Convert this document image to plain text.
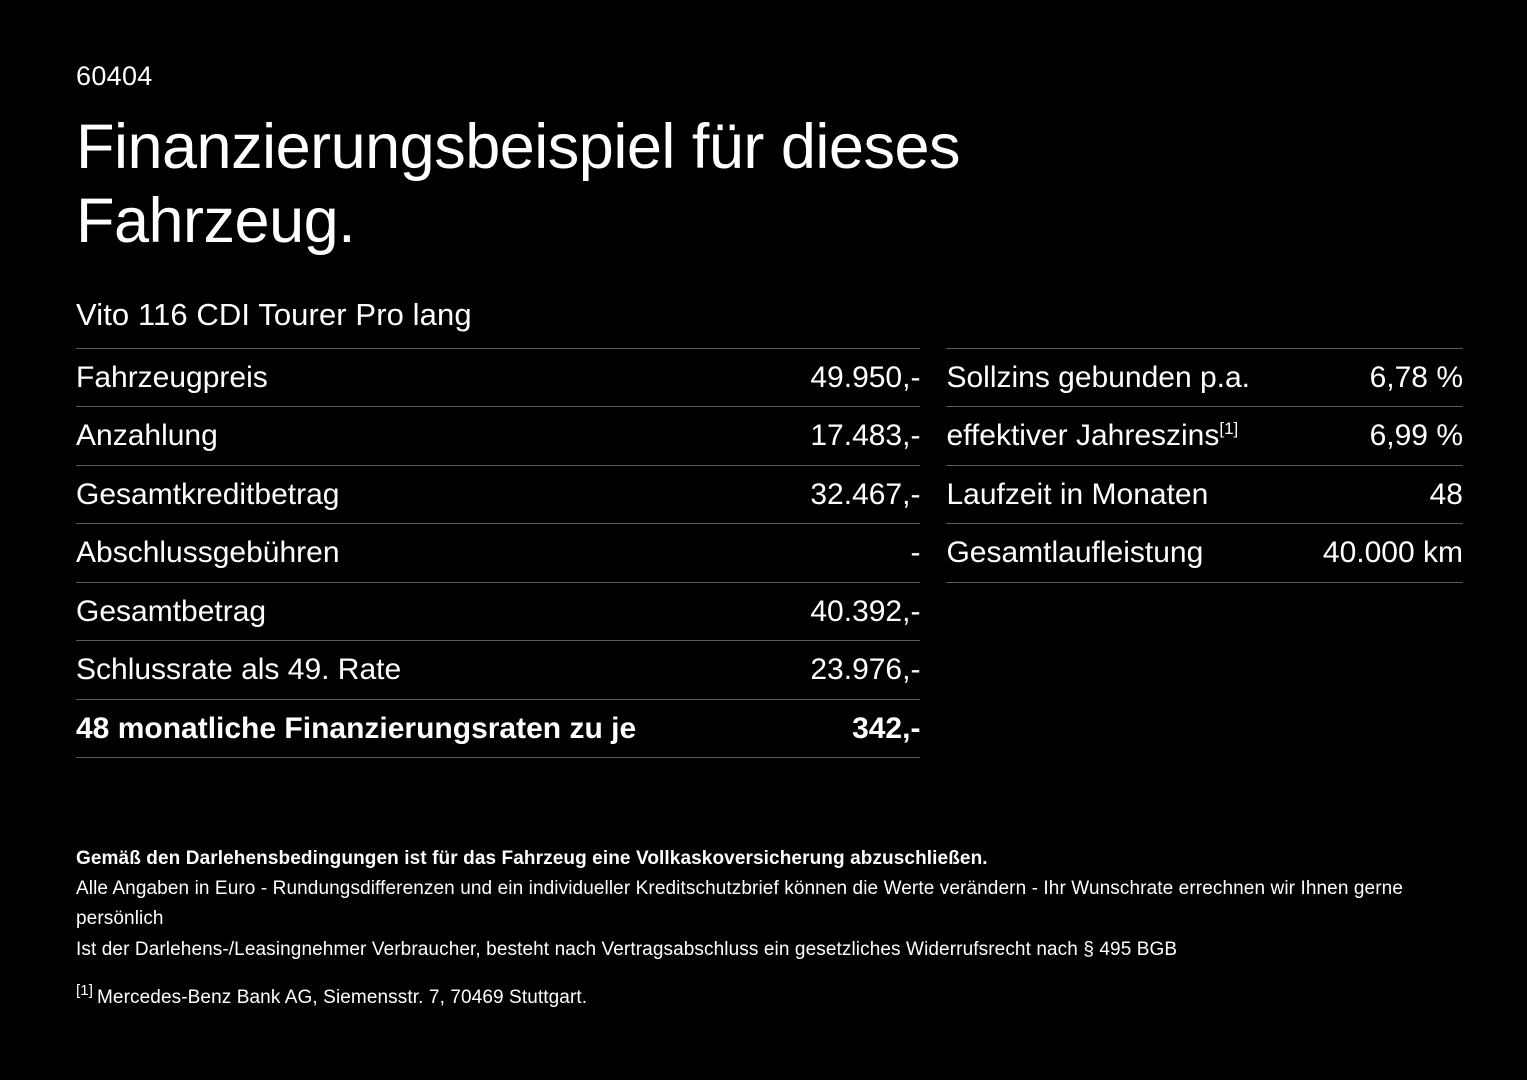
60404
Finanzierungsbeispiel für dieses Fahrzeug.
Vito 116 CDI Tourer Pro lang
Fahrzeugpreis	49.950,-
Anzahlung	17.483,-
Gesamtkreditbetrag	32.467,-
Abschlussgebühren	-
Gesamtbetrag	40.392,-
Schlussrate als 49. Rate	23.976,-
48 monatliche Finanzierungsraten zu je	342,-
Sollzins gebunden p.a.	6,78 %
effektiver Jahreszins[1]	6,99 %
Laufzeit in Monaten	48
Gesamtlaufleistung	40.000 km
Gemäß den Darlehensbedingungen ist für das Fahrzeug eine Vollkaskoversicherung abzuschließen.
Alle Angaben in Euro - Rundungsdifferenzen und ein individueller Kreditschutzbrief können die Werte verändern - Ihr Wunschrate errechnen wir Ihnen gerne persönlich
Ist der Darlehens-/Leasingnehmer Verbraucher, besteht nach Vertragsabschluss ein gesetzliches Widerrufsrecht nach § 495 BGB
[1] Mercedes-Benz Bank AG, Siemensstr. 7, 70469 Stuttgart.
